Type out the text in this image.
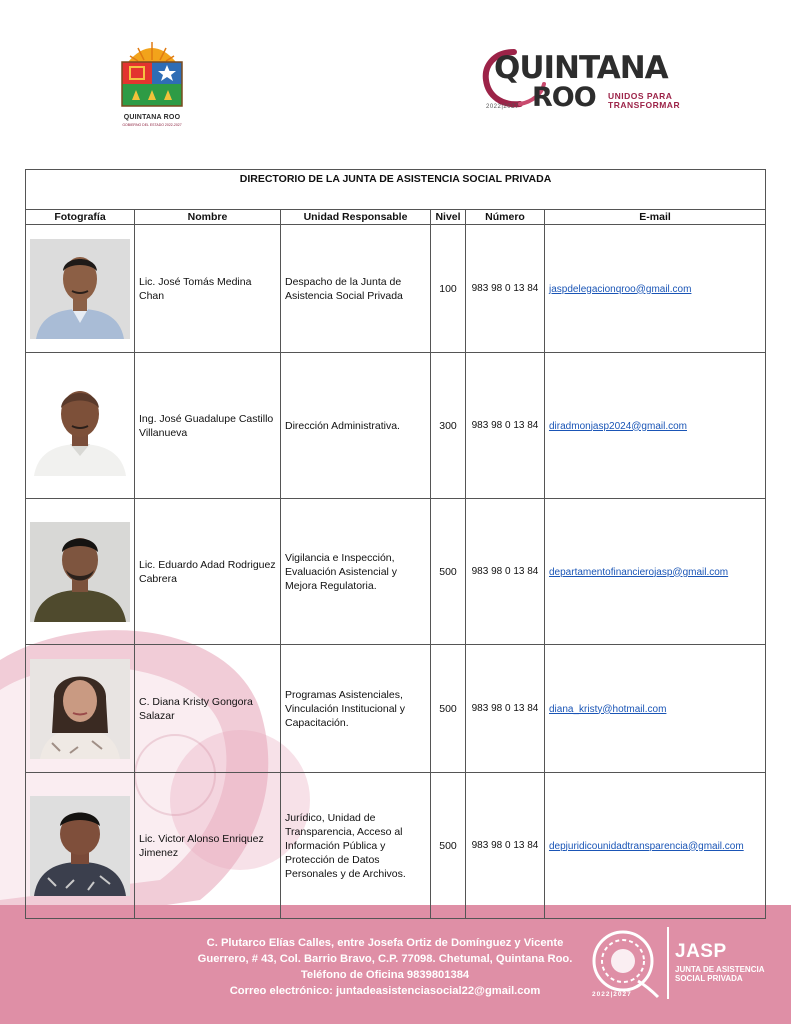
QUINTANA ROO
GOBIERNO DEL ESTADO 2022-2027
QUINTANA
ROO UNIDOS PARA TRANSFORMAR
2022|2027
DIRECTORIO DE LA JUNTA DE ASISTENCIA SOCIAL PRIVADA					
Fotografía	Nombre	Unidad Responsable	Nivel	Número	E-mail

	Lic. José Tomás Medina Chan	Despacho de la Junta de Asistencia Social Privada	100	983 98 0 13 84	jaspdelegacionqroo@gmail.com

	Ing. José Guadalupe Castillo Villanueva	Dirección Administrativa.	300	983 98 0 13 84	diradmonjasp2024@gmail.com

	Lic. Eduardo Adad Rodriguez Cabrera	Vigilancia e Inspección, Evaluación Asistencial y Mejora Regulatoria.	500	983 98 0 13 84	departamentofinancierojasp@gmail.com

	C. Diana Kristy Gongora Salazar	Programas Asistenciales, Vinculación Institucional y Capacitación.	500	983 98 0 13 84	diana_kristy@hotmail.com

	Lic. Victor Alonso Enriquez Jimenez	Jurídico, Unidad de Transparencia, Acceso al Información Pública y Protección de Datos Personales y de Archivos.	500	983 98 0 13 84	depjuridicounidadtransparencia@gmail.com
C. Plutarco Elías Calles, entre Josefa Ortiz de Domínguez y Vicente
Guerrero, # 43, Col. Barrio Bravo, C.P. 77098. Chetumal, Quintana Roo.
Teléfono de Oficina 9839801384
Correo electrónico: juntadeasistenciasocial22@gmail.com	2022|2027
JASP
JUNTA DE ASISTENCIA SOCIAL PRIVADA
